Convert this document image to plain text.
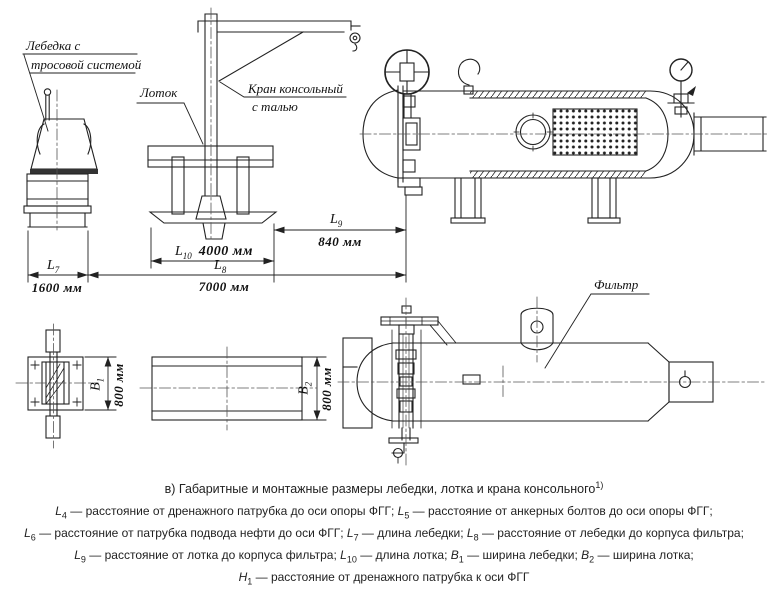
Лебедка с
тросовой системой
Лоток	Кран консольный
с талью
Фильтр
$L_9$
840 мм
$L_{10}$ 4000 мм
$L_8$
7000 мм
$L_7$
1600 мм
$B_1$ 800 мм	$B_2$ 800 мм
в) Габаритные и монтажные размеры лебедки, лотка и крана консольного$^{1)}$
$L_4$ — расстояние от дренажного патрубка до оси опоры ФГГ; $L_5$ — расстояние от анкерных болтов до оси опоры ФГГ;
$L_6$ — расстояние от патрубка подвода нефти до оси ФГГ; $L_7$ — длина лебедки; $L_8$ — расстояние от лебедки до корпуса фильтра;
$L_9$ — расстояние от лотка до корпуса фильтра; $L_{10}$ — длина лотка; $B_1$ — ширина лебедки; $B_2$ — ширина лотка;
$H_1$ — расстояние от дренажного патрубка к оси ФГГ
